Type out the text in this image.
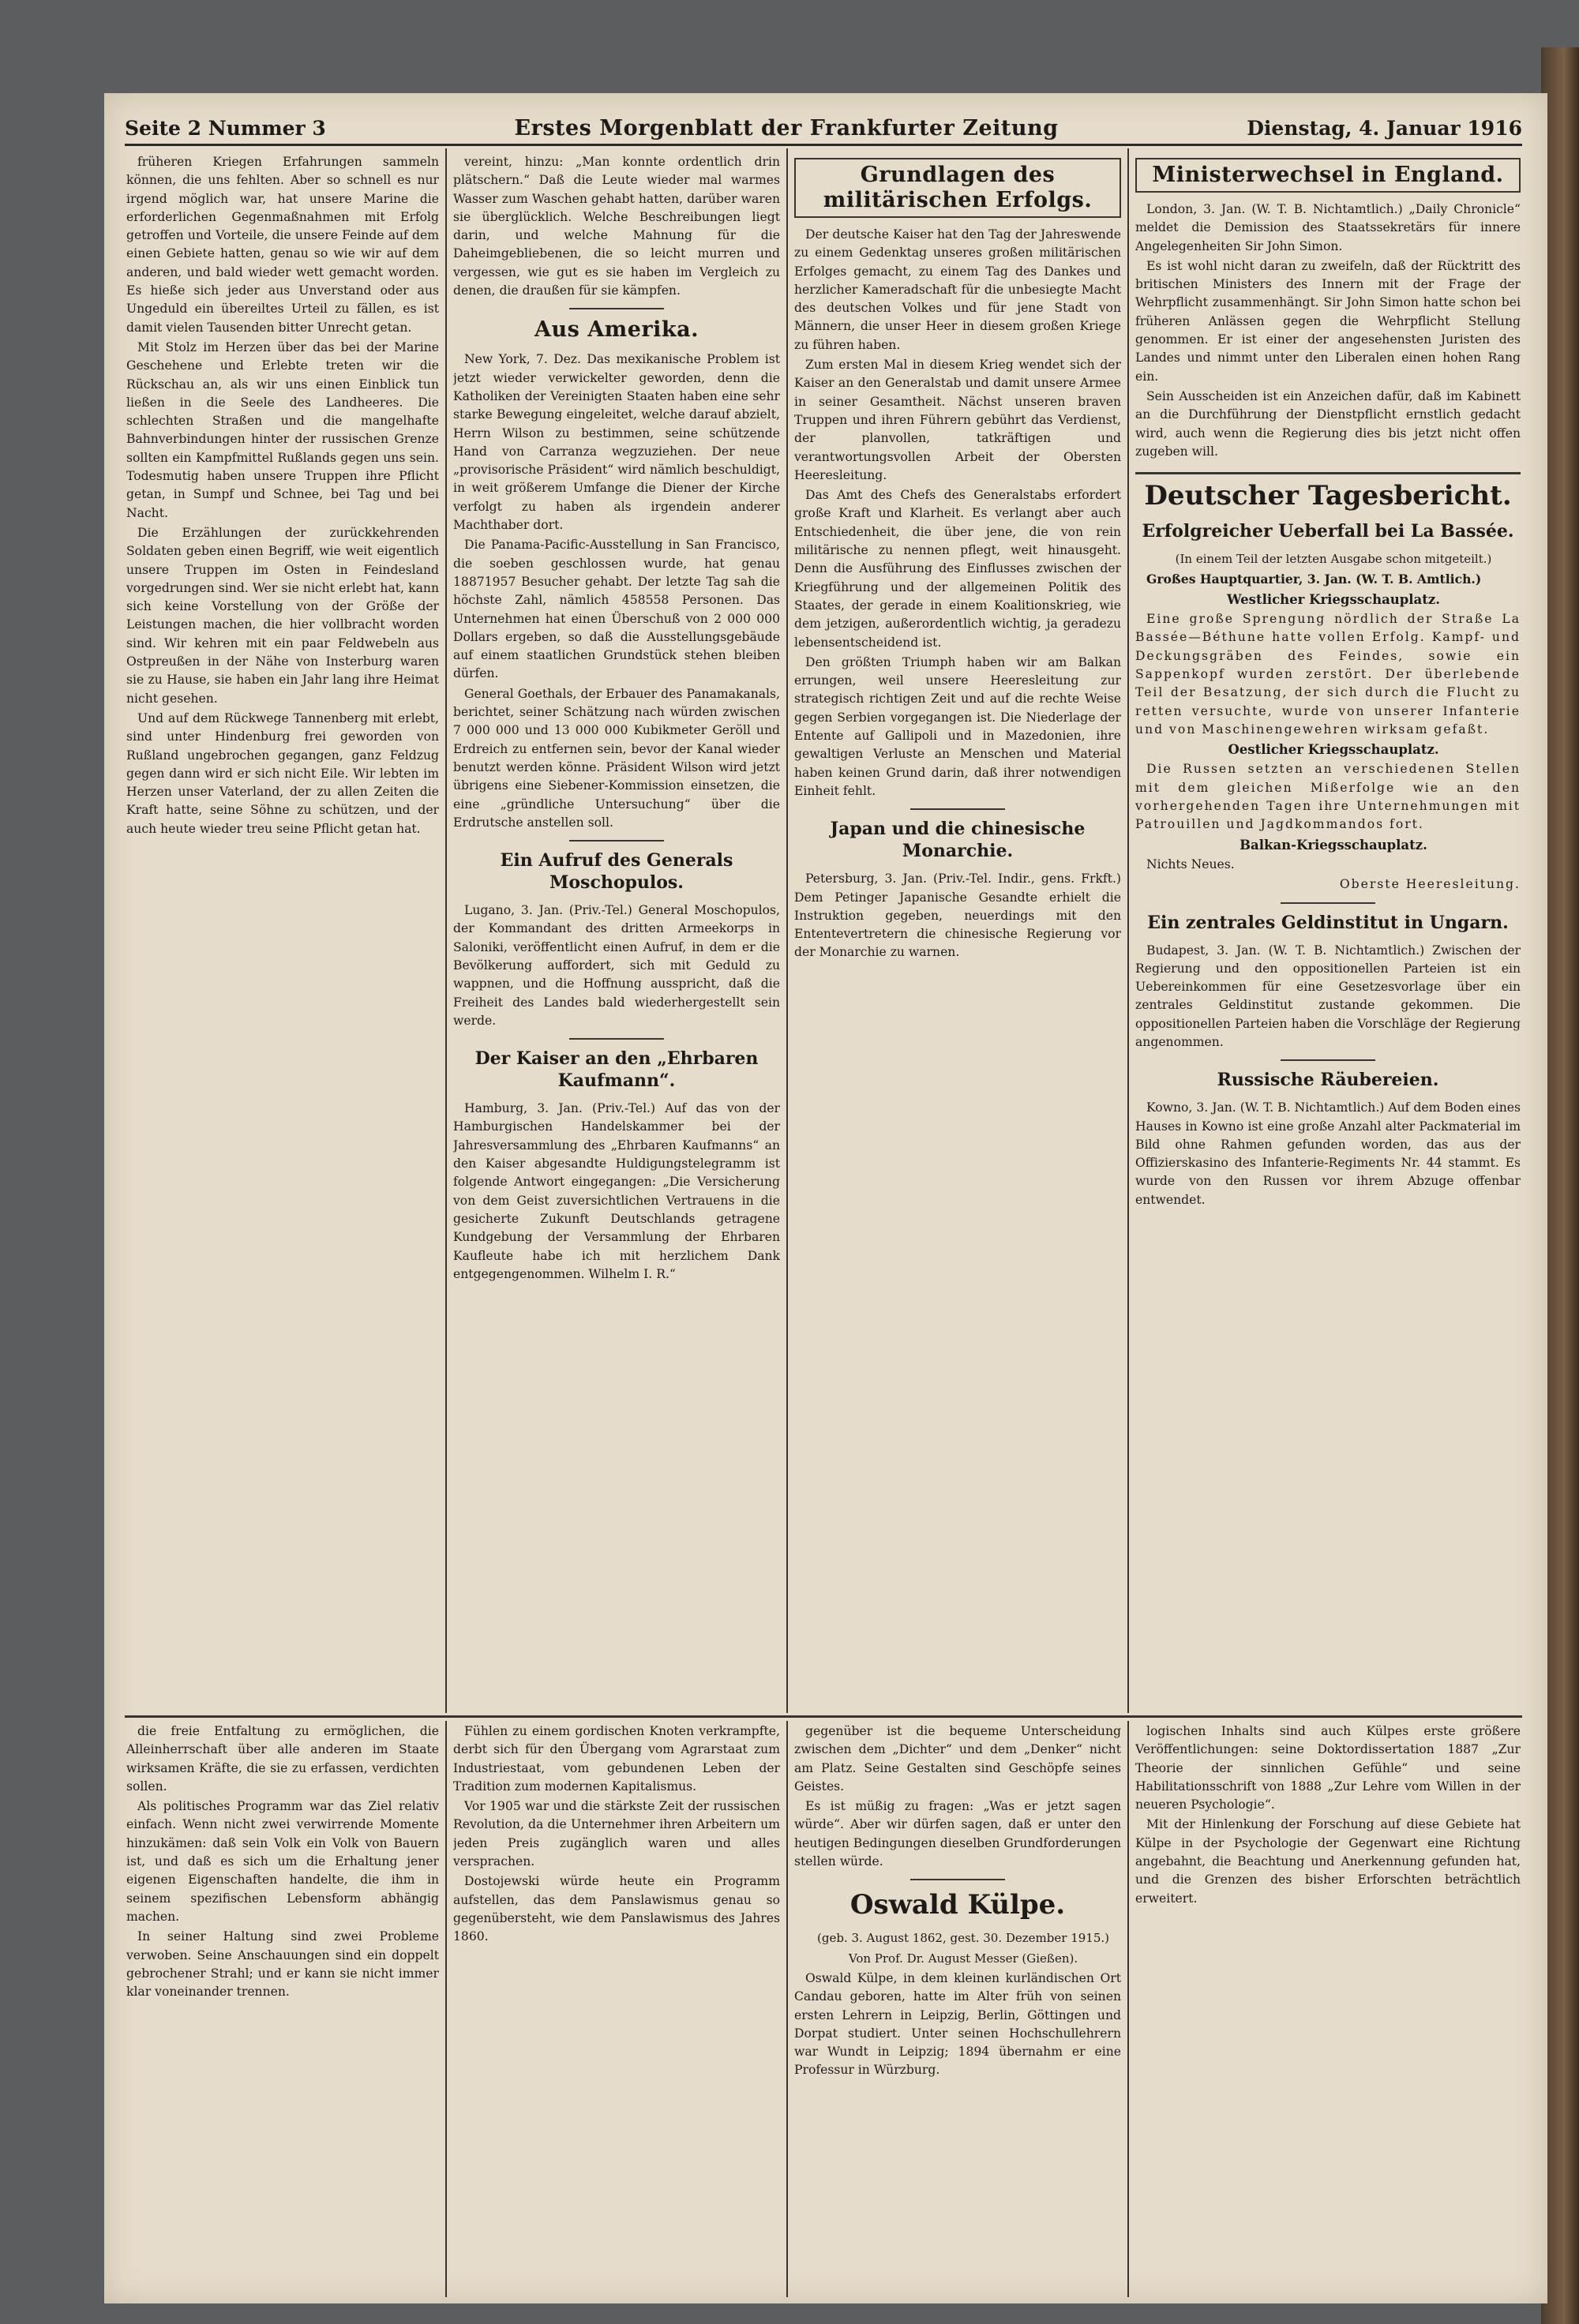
Seite 2 Nummer 3	Erstes Morgenblatt der Frankfurter Zeitung	Dienstag, 4. Januar 1916

früheren Kriegen Erfahrungen sammeln können, die uns fehlten. Aber so schnell es nur irgend möglich war, hat unsere Marine die erforderlichen Gegenmaßnahmen mit Erfolg getroffen und Vorteile, die unsere Feinde auf dem einen Gebiete hatten, genau so wie wir auf dem anderen, und bald wieder wett gemacht worden. Es hieße sich jeder aus Unverstand oder aus Ungeduld ein übereiltes Urteil zu fällen, es ist damit vielen Tausenden bitter Unrecht getan.

Mit Stolz im Herzen über das bei der Marine Geschehene und Erlebte treten wir die Rückschau an, als wir uns einen Einblick tun ließen in die Seele des Landheeres. Die schlechten Straßen und die mangelhafte Bahnverbindungen hinter der russischen Grenze sollten ein Kampfmittel Rußlands gegen uns sein. Todesmutig haben unsere Truppen ihre Pflicht getan, in Sumpf und Schnee, bei Tag und bei Nacht.

Die Erzählungen der zurückkehrenden Soldaten geben einen Begriff, wie weit eigentlich unsere Truppen im Osten in Feindesland vorgedrungen sind. Wer sie nicht erlebt hat, kann sich keine Vorstellung von der Größe der Leistungen machen, die hier vollbracht worden sind. Wir kehren mit ein paar Feldwebeln aus Ostpreußen in der Nähe von Insterburg waren sie zu Hause, sie haben ein Jahr lang ihre Heimat nicht gesehen.

Und auf dem Rückwege Tannenberg mit erlebt, sind unter Hindenburg frei geworden von Rußland ungebrochen gegangen, ganz Feldzug gegen dann wird er sich nicht Eile. Wir lebten im Herzen unser Vaterland, der zu allen Zeiten die Kraft hatte, seine Söhne zu schützen, und der auch heute wieder treu seine Pflicht getan hat.

vereint, hinzu: „Man konnte ordentlich drin plätschern.“ Daß die Leute wieder mal warmes Wasser zum Waschen gehabt hatten, darüber waren sie überglücklich. Welche Beschreibungen liegt darin, und welche Mahnung für die Daheimgebliebenen, die so leicht murren und vergessen, wie gut es sie haben im Vergleich zu denen, die draußen für sie kämpfen.

Aus Amerika.

New York, 7. Dez. Das mexikanische Problem ist jetzt wieder verwickelter geworden, denn die Katholiken der Vereinigten Staaten haben eine sehr starke Bewegung eingeleitet, welche darauf abzielt, Herrn Wilson zu bestimmen, seine schützende Hand von Carranza wegzuziehen. Der neue „provisorische Präsident“ wird nämlich beschuldigt, in weit größerem Umfange die Diener der Kirche verfolgt zu haben als irgendein anderer Machthaber dort.

Die Panama-Pacific-Ausstellung in San Francisco, die soeben geschlossen wurde, hat genau 18871957 Besucher gehabt. Der letzte Tag sah die höchste Zahl, nämlich 458558 Personen. Das Unternehmen hat einen Überschuß von 2 000 000 Dollars ergeben, so daß die Ausstellungsgebäude auf einem staatlichen Grundstück stehen bleiben dürfen.

General Goethals, der Erbauer des Panamakanals, berichtet, seiner Schätzung nach würden zwischen 7 000 000 und 13 000 000 Kubikmeter Geröll und Erdreich zu entfernen sein, bevor der Kanal wieder benutzt werden könne. Präsident Wilson wird jetzt übrigens eine Siebener-Kommission einsetzen, die eine „gründliche Untersuchung“ über die Erdrutsche anstellen soll.

Ein Aufruf des Generals Moschopulos.

Lugano, 3. Jan. (Priv.-Tel.) General Moschopulos, der Kommandant des dritten Armeekorps in Saloniki, veröffentlicht einen Aufruf, in dem er die Bevölkerung auffordert, sich mit Geduld zu wappnen, und die Hoffnung ausspricht, daß die Freiheit des Landes bald wiederhergestellt sein werde.

Der Kaiser an den „Ehrbaren Kaufmann“.

Hamburg, 3. Jan. (Priv.-Tel.) Auf das von der Hamburgischen Handelskammer bei der Jahresversammlung des „Ehrbaren Kaufmanns“ an den Kaiser abgesandte Huldigungstelegramm ist folgende Antwort eingegangen: „Die Versicherung von dem Geist zuversichtlichen Vertrauens in die gesicherte Zukunft Deutschlands getragene Kundgebung der Versammlung der Ehrbaren Kaufleute habe ich mit herzlichem Dank entgegengenommen. Wilhelm I. R.“

Grundlagen des militärischen Erfolgs.

Der deutsche Kaiser hat den Tag der Jahreswende zu einem Gedenktag unseres großen militärischen Erfolges gemacht, zu einem Tag des Dankes und herzlicher Kameradschaft für die unbesiegte Macht des deutschen Volkes und für jene Stadt von Männern, die unser Heer in diesem großen Kriege zu führen haben.

Zum ersten Mal in diesem Krieg wendet sich der Kaiser an den Generalstab und damit unsere Armee in seiner Gesamtheit. Nächst unseren braven Truppen und ihren Führern gebührt das Verdienst, der planvollen, tatkräftigen und verantwortungsvollen Arbeit der Obersten Heeresleitung.

Das Amt des Chefs des Generalstabs erfordert große Kraft und Klarheit. Es verlangt aber auch Entschiedenheit, die über jene, die von rein militärische zu nennen pflegt, weit hinausgeht. Denn die Ausführung des Einflusses zwischen der Kriegführung und der allgemeinen Politik des Staates, der gerade in einem Koalitionskrieg, wie dem jetzigen, außerordentlich wichtig, ja geradezu lebensentscheidend ist.

Den größten Triumph haben wir am Balkan errungen, weil unsere Heeresleitung zur strategisch richtigen Zeit und auf die rechte Weise gegen Serbien vorgegangen ist. Die Niederlage der Entente auf Gallipoli und in Mazedonien, ihre gewaltigen Verluste an Menschen und Material haben keinen Grund darin, daß ihrer notwendigen Einheit fehlt.

Japan und die chinesische Monarchie.

Petersburg, 3. Jan. (Priv.-Tel. Indir., gens. Frkft.) Dem Petinger Japanische Gesandte erhielt die Instruktion gegeben, neuerdings mit den Ententevertretern die chinesische Regierung vor der Monarchie zu warnen.

Ministerwechsel in England.

London, 3. Jan. (W. T. B. Nichtamtlich.) „Daily Chronicle“ meldet die Demission des Staatssekretärs für innere Angelegenheiten Sir John Simon.

Es ist wohl nicht daran zu zweifeln, daß der Rücktritt des britischen Ministers des Innern mit der Frage der Wehrpflicht zusammenhängt. Sir John Simon hatte schon bei früheren Anlässen gegen die Wehrpflicht Stellung genommen. Er ist einer der angesehensten Juristen des Landes und nimmt unter den Liberalen einen hohen Rang ein.

Sein Ausscheiden ist ein Anzeichen dafür, daß im Kabinett an die Durchführung der Dienstpflicht ernstlich gedacht wird, auch wenn die Regierung dies bis jetzt nicht offen zugeben will.

Deutscher Tagesbericht.
Erfolgreicher Ueberfall bei La Bassée.

(In einem Teil der letzten Ausgabe schon mitgeteilt.)

Großes Hauptquartier, 3. Jan. (W. T. B. Amtlich.)

Westlicher Kriegsschauplatz.

Eine große Sprengung nördlich der Straße La Bassée—Béthune hatte vollen Erfolg. Kampf- und Deckungsgräben des Feindes, sowie ein Sappenkopf wurden zerstört. Der überlebende Teil der Besatzung, der sich durch die Flucht zu retten versuchte, wurde von unserer Infanterie und von Maschinengewehren wirksam gefaßt.

Oestlicher Kriegsschauplatz.

Die Russen setzten an verschiedenen Stellen mit dem gleichen Mißerfolge wie an den vorhergehenden Tagen ihre Unternehmungen mit Patrouillen und Jagdkommandos fort.

Balkan-Kriegsschauplatz.

Nichts Neues.

Oberste Heeresleitung.

Ein zentrales Geldinstitut in Ungarn.

Budapest, 3. Jan. (W. T. B. Nichtamtlich.) Zwischen der Regierung und den oppositionellen Parteien ist ein Uebereinkommen für eine Gesetzesvorlage über ein zentrales Geldinstitut zustande gekommen. Die oppositionellen Parteien haben die Vorschläge der Regierung angenommen.

Russische Räubereien.

Kowno, 3. Jan. (W. T. B. Nichtamtlich.) Auf dem Boden eines Hauses in Kowno ist eine große Anzahl alter Packmaterial im Bild ohne Rahmen gefunden worden, das aus der Offizierskasino des Infanterie-Regiments Nr. 44 stammt. Es wurde von den Russen vor ihrem Abzuge offenbar entwendet.

die freie Entfaltung zu ermöglichen, die Alleinherrschaft über alle anderen im Staate wirksamen Kräfte, die sie zu erfassen, verdichten sollen.

Als politisches Programm war das Ziel relativ einfach. Wenn nicht zwei verwirrende Momente hinzukämen: daß sein Volk ein Volk von Bauern ist, und daß es sich um die Erhaltung jener eigenen Eigenschaften handelte, die ihm in seinem spezifischen Lebensform abhängig machen.

In seiner Haltung sind zwei Probleme verwoben. Seine Anschauungen sind ein doppelt gebrochener Strahl; und er kann sie nicht immer klar voneinander trennen.

Fühlen zu einem gordischen Knoten verkrampfte, derbt sich für den Übergang vom Agrarstaat zum Industriestaat, vom gebundenen Leben der Tradition zum modernen Kapitalismus.

Vor 1905 war und die stärkste Zeit der russischen Revolution, da die Unternehmer ihren Arbeitern um jeden Preis zugänglich waren und alles versprachen.

Dostojewski würde heute ein Programm aufstellen, das dem Panslawismus genau so gegenübersteht, wie dem Panslawismus des Jahres 1860.

gegenüber ist die bequeme Unterscheidung zwischen dem „Dichter“ und dem „Denker“ nicht am Platz. Seine Gestalten sind Geschöpfe seines Geistes.

Es ist müßig zu fragen: „Was er jetzt sagen würde“. Aber wir dürfen sagen, daß er unter den heutigen Bedingungen dieselben Grundforderungen stellen würde.

Oswald Külpe.

(geb. 3. August 1862, gest. 30. Dezember 1915.)

Von Prof. Dr. August Messer (Gießen).

Oswald Külpe, in dem kleinen kurländischen Ort Candau geboren, hatte im Alter früh von seinen ersten Lehrern in Leipzig, Berlin, Göttingen und Dorpat studiert. Unter seinen Hochschullehrern war Wundt in Leipzig; 1894 übernahm er eine Professur in Würzburg.

logischen Inhalts sind auch Külpes erste größere Veröffentlichungen: seine Doktordissertation 1887 „Zur Theorie der sinnlichen Gefühle“ und seine Habilitationsschrift von 1888 „Zur Lehre vom Willen in der neueren Psychologie“.

Mit der Hinlenkung der Forschung auf diese Gebiete hat Külpe in der Psychologie der Gegenwart eine Richtung angebahnt, die Beachtung und Anerkennung gefunden hat, und die Grenzen des bisher Erforschten beträchtlich erweitert.
